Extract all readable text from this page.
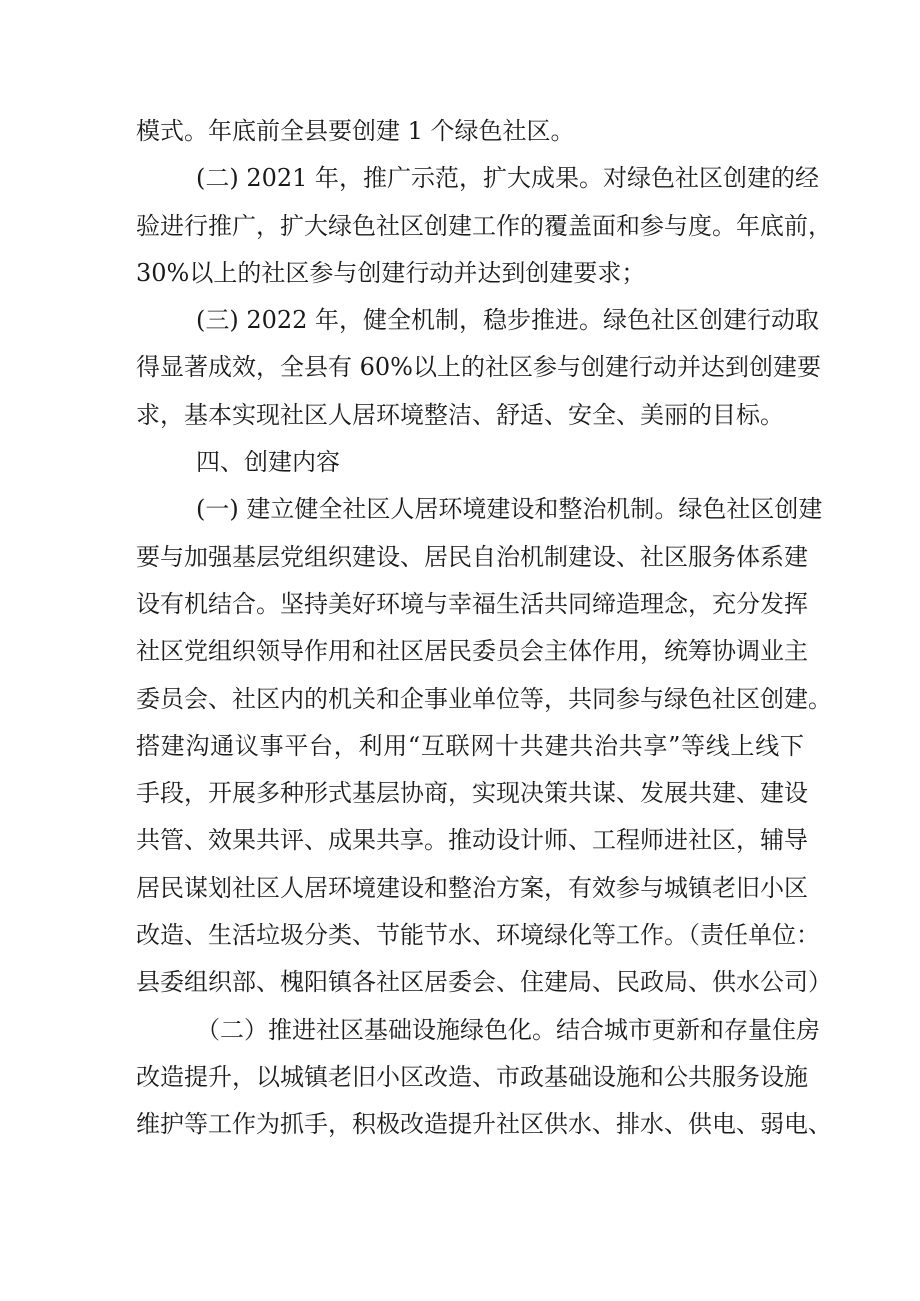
模式。年底前全县要创建 1 个绿色社区。
(二) 2021 年，推广示范，扩大成果。对绿色社区创建的经
验进行推广，扩大绿色社区创建工作的覆盖面和参与度。年底前，
30%以上的社区参与创建行动并达到创建要求；
(三) 2022 年，健全机制，稳步推进。绿色社区创建行动取
得显著成效，全县有 60%以上的社区参与创建行动并达到创建要
求，基本实现社区人居环境整洁、舒适、安全、美丽的目标。
四、创建内容
(一) 建立健全社区人居环境建设和整治机制。绿色社区创建
要与加强基层党组织建设、居民自治机制建设、社区服务体系建
设有机结合。坚持美好环境与幸福生活共同缔造理念，充分发挥
社区党组织领导作用和社区居民委员会主体作用，统筹协调业主
委员会、社区内的机关和企事业单位等，共同参与绿色社区创建。
搭建沟通议事平台，利用“互联网十共建共治共享”等线上线下
手段，开展多种形式基层协商，实现决策共谋、发展共建、建设
共管、效果共评、成果共享。推动设计师、工程师进社区，辅导
居民谋划社区人居环境建设和整治方案，有效参与城镇老旧小区
改造、生活垃圾分类、节能节水、环境绿化等工作。（责任单位：
县委组织部、槐阳镇各社区居委会、住建局、民政局、供水公司）
（二）推进社区基础设施绿色化。结合城市更新和存量住房
改造提升，以城镇老旧小区改造、市政基础设施和公共服务设施
维护等工作为抓手，积极改造提升社区供水、排水、供电、弱电、
